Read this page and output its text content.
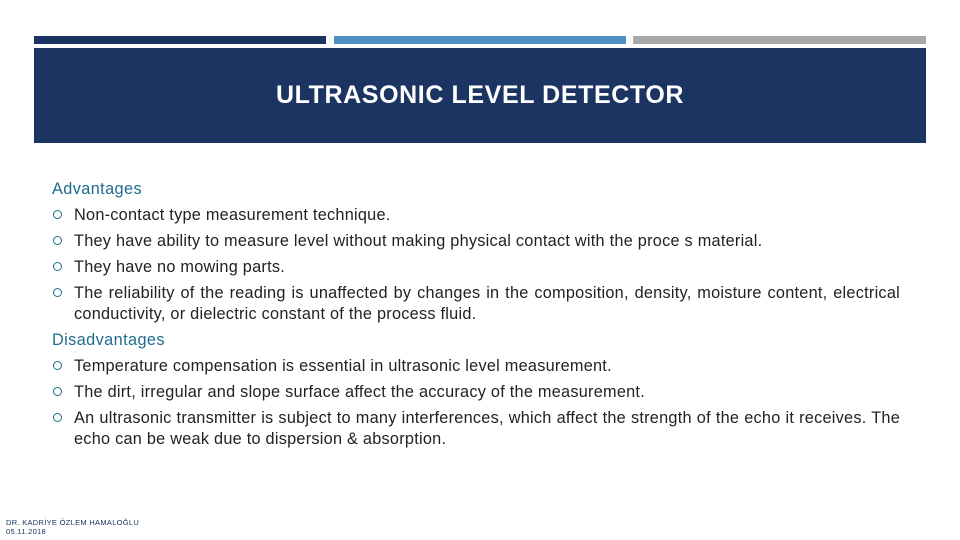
ULTRASONIC LEVEL DETECTOR
Advantages
Non-contact type measurement technique.
They have ability to measure level without making physical contact with the proce s material.
They have no mowing parts.
The reliability of the reading is unaffected by changes in the composition, density, moisture content, electrical conductivity, or dielectric constant of the process fluid.
Disadvantages
Temperature compensation is essential in ultrasonic level measurement.
The dirt, irregular and slope surface affect the accuracy of the measurement.
An ultrasonic transmitter is subject to many interferences, which affect the strength of the echo it receives. The echo can be weak due to dispersion & absorption.
DR. KADRİYE ÖZLEM HAMALOĞLU
05.11.2018
